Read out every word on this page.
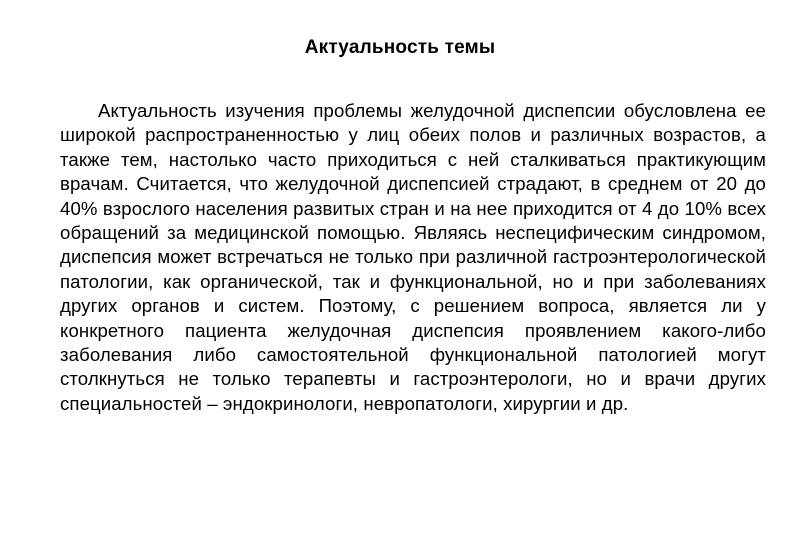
Актуальность темы

Актуальность изучения проблемы желудочной диспепсии обусловлена ее широкой распространенностью у лиц обеих полов и различных возрастов, а также тем, настолько часто приходиться с ней сталкиваться практикующим врачам. Считается, что желудочной диспепсией страдают, в среднем от 20 до 40% взрослого населения развитых стран и на нее приходится от 4 до 10% всех обращений за медицинской помощью. Являясь неспецифическим синдромом, диспепсия может встречаться не только при различной гастроэнтерологической патологии, как органической, так и функциональной, но и при заболеваниях других органов и систем. Поэтому, с решением вопроса, является ли у конкретного пациента желудочная диспепсия проявлением какого-либо заболевания либо самостоятельной функциональной патологией могут столкнуться не только терапевты и гастроэнтерологи, но и врачи других специальностей – эндокринологи, невропатологи, хирургии и др.
